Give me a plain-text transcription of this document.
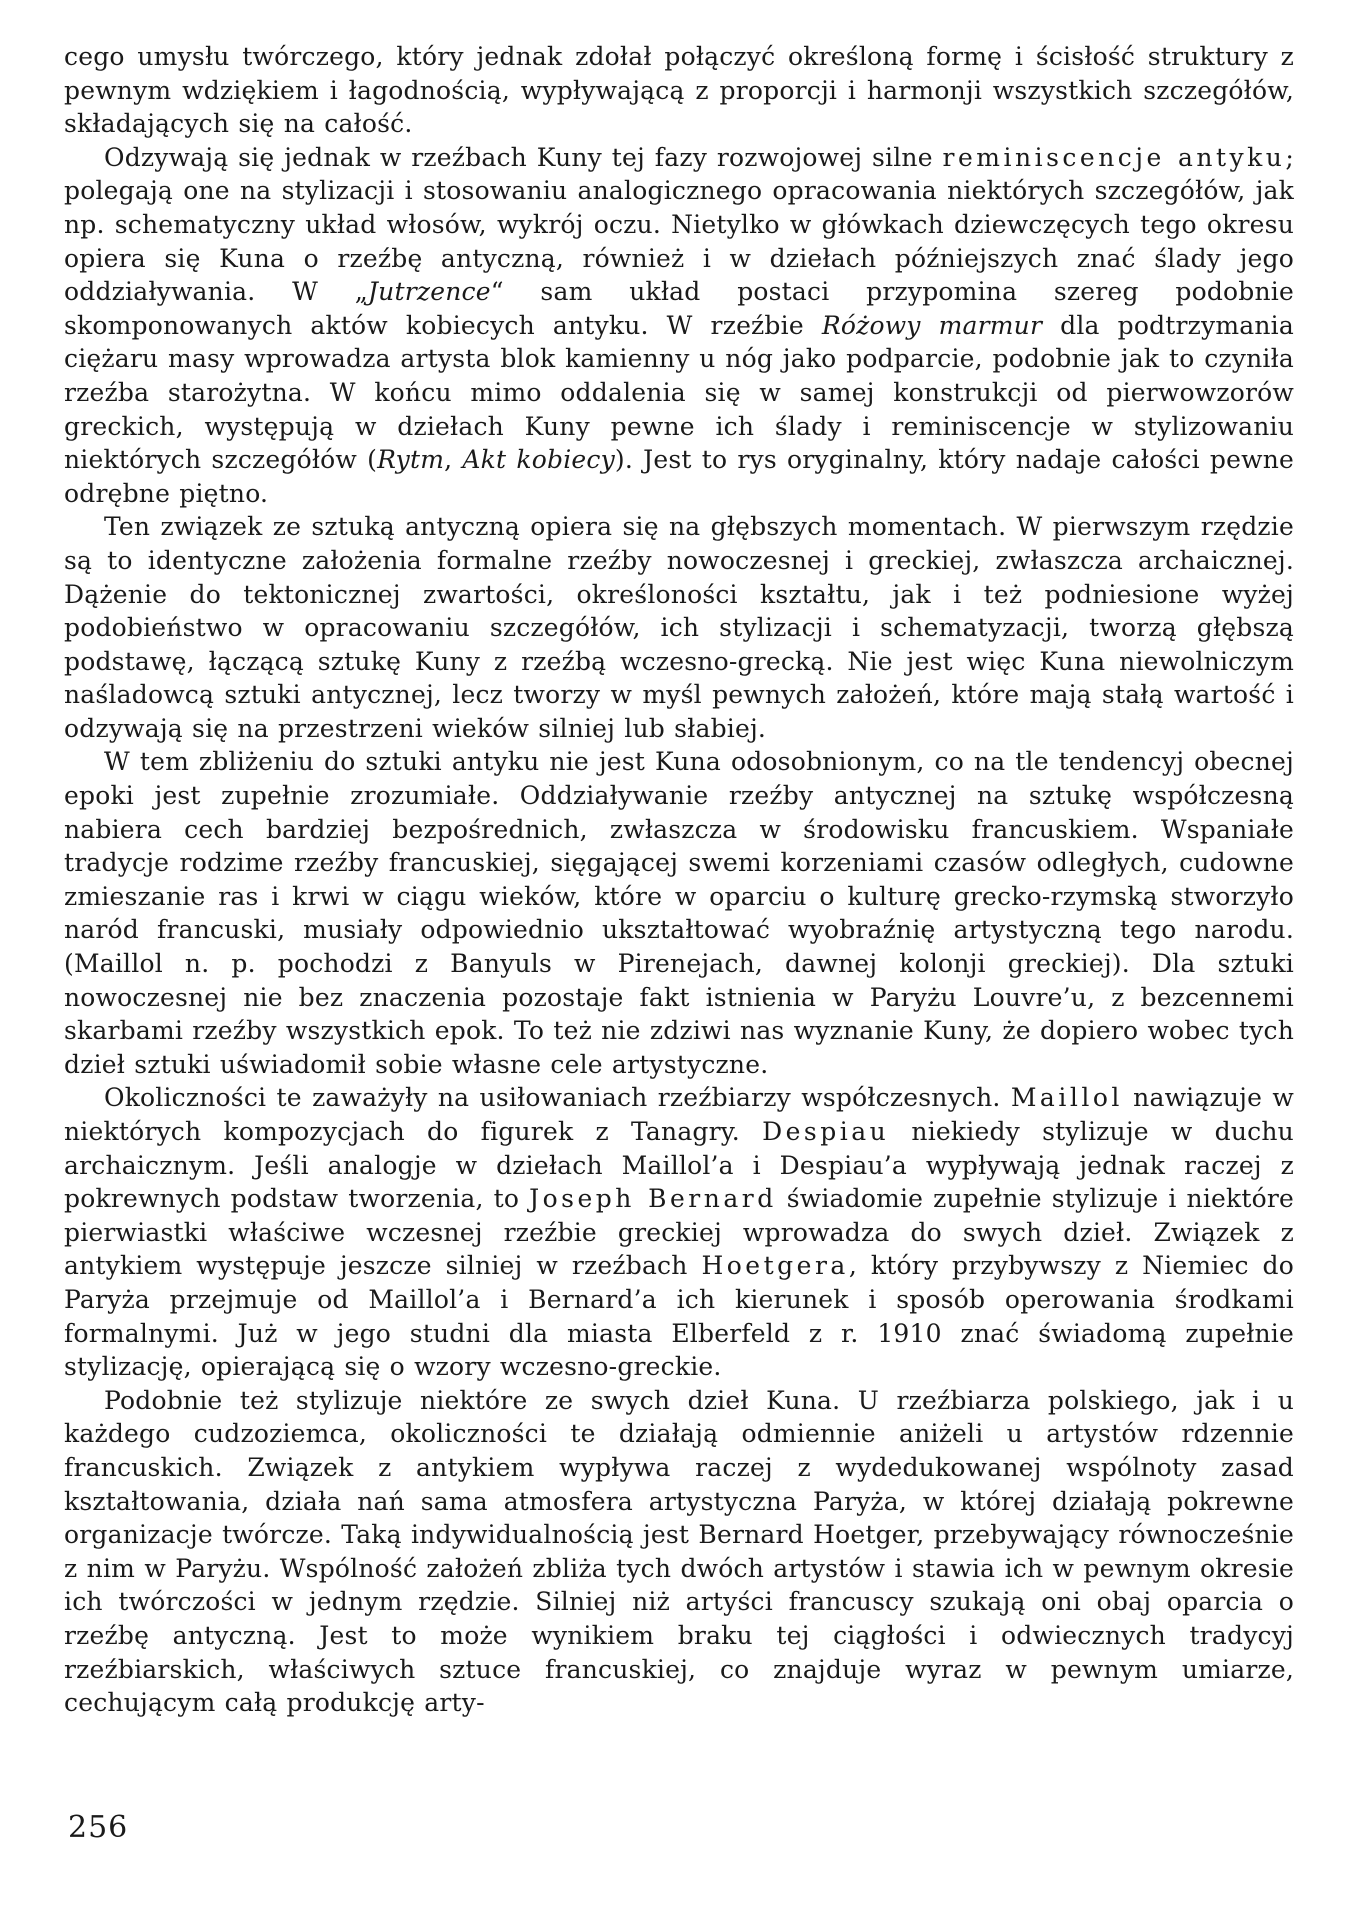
cego umysłu twórczego, który jednak zdołał połączyć określoną formę i ścisłość struktury z pewnym wdziękiem i łagodnością, wypływającą z proporcji i harmonji wszystkich szczegółów, składających się na całość.

Odzywają się jednak w rzeźbach Kuny tej fazy rozwojowej silne reminiscencje antyku; polegają one na stylizacji i stosowaniu analogicznego opracowania niektórych szczegółów, jak np. schematyczny układ włosów, wykrój oczu. Nietylko w główkach dziewczęcych tego okresu opiera się Kuna o rzeźbę antyczną, również i w dziełach późniejszych znać ślady jego oddziaływania. W „Jutrzence“ sam układ postaci przypomina szereg podobnie skomponowanych aktów kobiecych antyku. W rzeźbie Różowy marmur dla podtrzymania ciężaru masy wprowadza artysta blok kamienny u nóg jako podparcie, podobnie jak to czyniła rzeźba starożytna. W końcu mimo oddalenia się w samej konstrukcji od pierwowzorów greckich, występują w dziełach Kuny pewne ich ślady i reminiscencje w stylizowaniu niektórych szczegółów (Rytm, Akt kobiecy). Jest to rys oryginalny, który nadaje całości pewne odrębne piętno.

Ten związek ze sztuką antyczną opiera się na głębszych momentach. W pierwszym rzędzie są to identyczne założenia formalne rzeźby nowoczesnej i greckiej, zwłaszcza archaicznej. Dążenie do tektonicznej zwartości, określoności kształtu, jak i też podniesione wyżej podobieństwo w opracowaniu szczegółów, ich stylizacji i schematyzacji, tworzą głębszą podstawę, łączącą sztukę Kuny z rzeźbą wczesno-grecką. Nie jest więc Kuna niewolniczym naśladowcą sztuki antycznej, lecz tworzy w myśl pewnych założeń, które mają stałą wartość i odzywają się na przestrzeni wieków silniej lub słabiej.

W tem zbliżeniu do sztuki antyku nie jest Kuna odosobnionym, co na tle tendencyj obecnej epoki jest zupełnie zrozumiałe. Oddziaływanie rzeźby antycznej na sztukę współczesną nabiera cech bardziej bezpośrednich, zwłaszcza w środowisku francuskiem. Wspaniałe tradycje rodzime rzeźby francuskiej, sięgającej swemi korzeniami czasów odległych, cudowne zmieszanie ras i krwi w ciągu wieków, które w oparciu o kulturę grecko-rzymską stworzyło naród francuski, musiały odpowiednio ukształtować wyobraźnię artystyczną tego narodu. (Maillol n. p. pochodzi z Banyuls w Pirenejach, dawnej kolonji greckiej). Dla sztuki nowoczesnej nie bez znaczenia pozostaje fakt istnienia w Paryżu Louvre’u, z bezcennemi skarbami rzeźby wszystkich epok. To też nie zdziwi nas wyznanie Kuny, że dopiero wobec tych dzieł sztuki uświadomił sobie własne cele artystyczne.

Okoliczności te zaważyły na usiłowaniach rzeźbiarzy współczesnych. Maillol nawiązuje w niektórych kompozycjach do figurek z Tanagry. Despiau niekiedy stylizuje w duchu archaicznym. Jeśli analogje w dziełach Maillol’a i Despiau’a wypływają jednak raczej z pokrewnych podstaw tworzenia, to Joseph Bernard świadomie zupełnie stylizuje i niektóre pierwiastki właściwe wczesnej rzeźbie greckiej wprowadza do swych dzieł. Związek z antykiem występuje jeszcze silniej w rzeźbach Hoetgera, który przybywszy z Niemiec do Paryża przejmuje od Maillol’a i Bernard’a ich kierunek i sposób operowania środkami formalnymi. Już w jego studni dla miasta Elberfeld z r. 1910 znać świadomą zupełnie stylizację, opierającą się o wzory wczesno-greckie.

Podobnie też stylizuje niektóre ze swych dzieł Kuna. U rzeźbiarza polskiego, jak i u każdego cudzoziemca, okoliczności te działają odmiennie aniżeli u artystów rdzennie francuskich. Związek z antykiem wypływa raczej z wydedukowanej wspólnoty zasad kształtowania, działa nań sama atmosfera artystyczna Paryża, w której działają pokrewne organizacje twórcze. Taką indywidualnością jest Bernard Hoetger, przebywający równocześnie z nim w Paryżu. Wspólność założeń zbliża tych dwóch artystów i stawia ich w pewnym okresie ich twórczości w jednym rzędzie. Silniej niż artyści francuscy szukają oni obaj oparcia o rzeźbę antyczną. Jest to może wynikiem braku tej ciągłości i odwiecznych tradycyj rzeźbiarskich, właściwych sztuce francuskiej, co znajduje wyraz w pewnym umiarze, cechującym całą produkcję arty-

256
